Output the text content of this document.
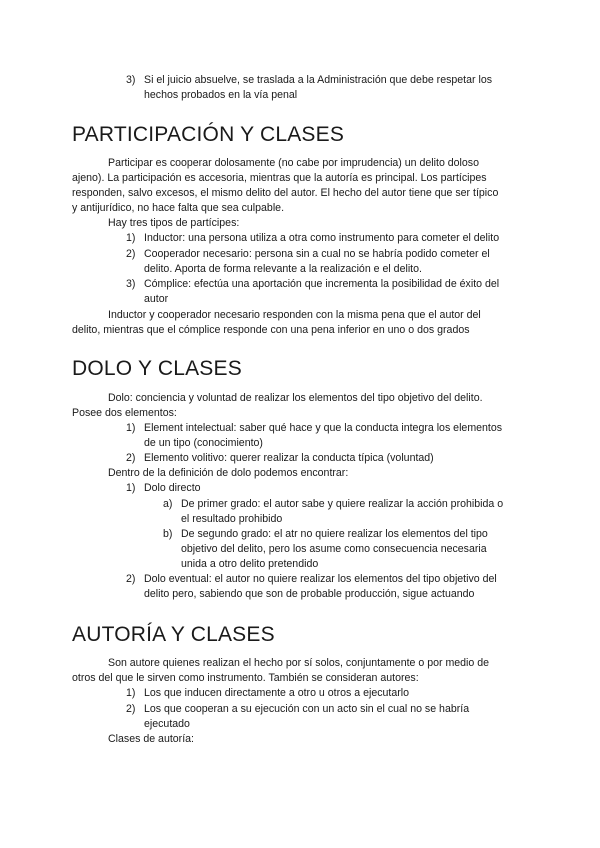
3) Si el juicio absuelve, se traslada a la Administración que debe respetar los
hechos probados en la vía penal
PARTICIPACIÓN Y CLASES
Participar es cooperar dolosamente (no cabe por imprudencia) un delito doloso
ajeno). La participación es accesoria, mientras que la autoría es principal. Los partícipes
responden, salvo excesos, el mismo delito del autor. El hecho del autor tiene que ser típico
y antijurídico, no hace falta que sea culpable.
Hay tres tipos de partícipes:
1) Inductor: una persona utiliza a otra como instrumento para cometer el delito
2) Cooperador necesario: persona sin a cual no se habría podido cometer el
delito. Aporta de forma relevante a la realización e el delito.
3) Cómplice: efectúa una aportación que incrementa la posibilidad de éxito del
autor
Inductor y cooperador necesario responden con la misma pena que el autor del
delito, mientras que el cómplice responde con una pena inferior en uno o dos grados
DOLO Y CLASES
Dolo: conciencia y voluntad de realizar los elementos del tipo objetivo del delito.
Posee dos elementos:
1) Element intelectual: saber qué hace y que la conducta integra los elementos
de un tipo (conocimiento)
2) Elemento volitivo: querer realizar la conducta típica (voluntad)
Dentro de la definición de dolo podemos encontrar:
1) Dolo directo
a) De primer grado: el autor sabe y quiere realizar la acción prohibida o
el resultado prohibido
b) De segundo grado: el atr no quiere realizar los elementos del tipo
objetivo del delito, pero los asume como consecuencia necesaria
unida a otro delito pretendido
2) Dolo eventual: el autor no quiere realizar los elementos del tipo objetivo del
delito pero, sabiendo que son de probable producción, sigue actuando
AUTORÍA Y CLASES
Son autore quienes realizan el hecho por sí solos, conjuntamente o por medio de
otros del que le sirven como instrumento. También se consideran autores:
1) Los que inducen directamente a otro u otros a ejecutarlo
2) Los que cooperan a su ejecución con un acto sin el cual no se habría
ejecutado
Clases de autoría:
